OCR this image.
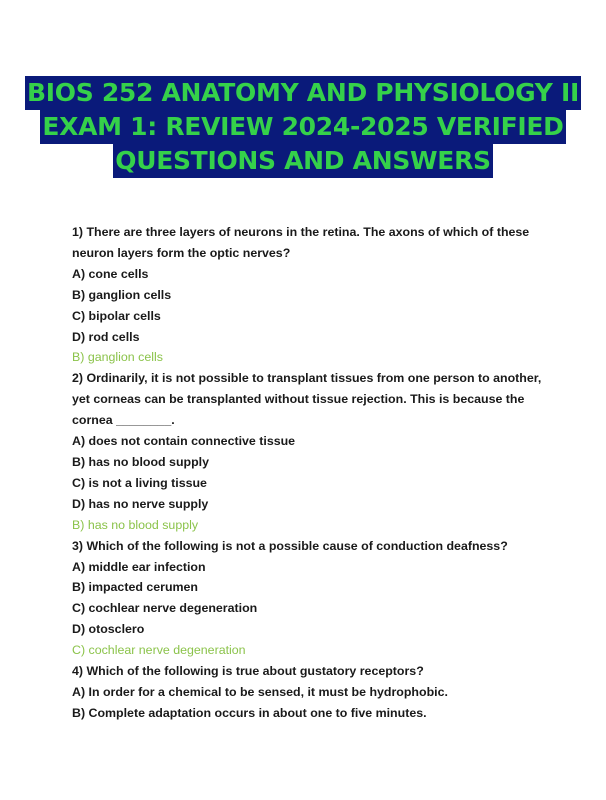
BIOS 252 ANATOMY AND PHYSIOLOGY II
EXAM 1: REVIEW 2024-2025 VERIFIED
QUESTIONS AND ANSWERS

1) There are three layers of neurons in the retina. The axons of which of these

neuron layers form the optic nerves?

A) cone cells

B) ganglion cells

C) bipolar cells

D) rod cells

B) ganglion cells

2) Ordinarily, it is not possible to transplant tissues from one person to another,

yet corneas can be transplanted without tissue rejection. This is because the

cornea ________.

A) does not contain connective tissue

B) has no blood supply

C) is not a living tissue

D) has no nerve supply

B) has no blood supply

3) Which of the following is not a possible cause of conduction deafness?

A) middle ear infection

B) impacted cerumen

C) cochlear nerve degeneration

D) otosclero

C) cochlear nerve degeneration

4) Which of the following is true about gustatory receptors?

A) In order for a chemical to be sensed, it must be hydrophobic.

B) Complete adaptation occurs in about one to five minutes.
